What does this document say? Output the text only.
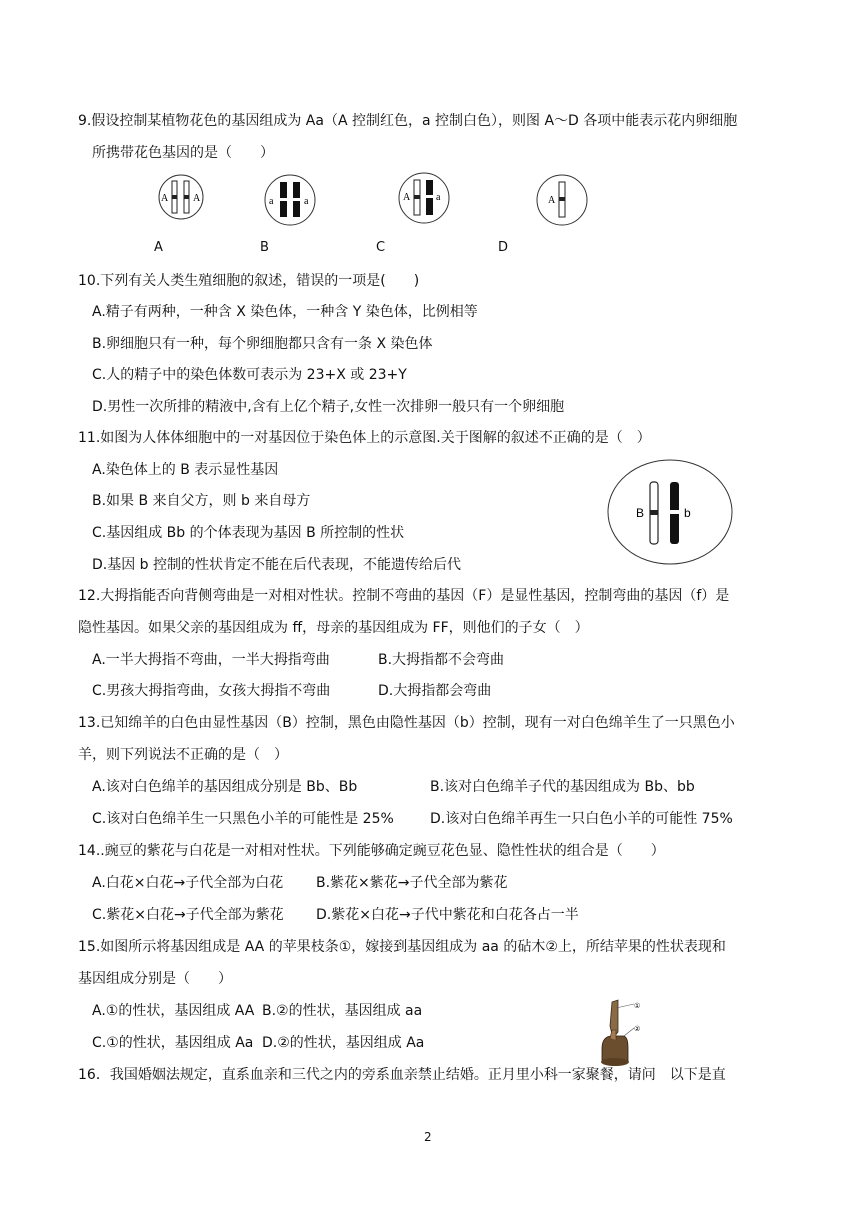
9.假设控制某植物花色的基因组成为 Aa（A 控制红色，a 控制白色），则图 A～D 各项中能表示花内卵细胞
所携带花色基因的是（　　）
A A	a	a	A	a	A
A	B	C	D
10.下列有关人类生殖细胞的叙述，错误的一项是(　　)
A.精子有两种，一种含 X 染色体，一种含 Y 染色体，比例相等
B.卵细胞只有一种，每个卵细胞都只含有一条 X 染色体
C.人的精子中的染色体数可表示为 23+X 或 23+Y
D.男性一次所排的精液中,含有上亿个精子,女性一次排卵一般只有一个卵细胞
11.如图为人体体细胞中的一对基因位于染色体上的示意图.关于图解的叙述不正确的是（　）
A.染色体上的 B 表示显性基因
B.如果 B 来自父方，则 b 来自母方
C.基因组成 Bb 的个体表现为基因 B 所控制的性状
D.基因 b 控制的性状肯定不能在后代表现，不能遗传给后代
B	b
12.大拇指能否向背侧弯曲是一对相对性状。控制不弯曲的基因（F）是显性基因，控制弯曲的基因（f）是
隐性基因。如果父亲的基因组成为 ff，母亲的基因组成为 FF，则他们的子女（　）
A.一半大拇指不弯曲，一半大拇指弯曲	B.大拇指都不会弯曲
C.男孩大拇指弯曲，女孩大拇指不弯曲	D.大拇指都会弯曲
13.已知绵羊的白色由显性基因（B）控制，黑色由隐性基因（b）控制，现有一对白色绵羊生了一只黑色小
羊，则下列说法不正确的是（　）
A.该对白色绵羊的基因组成分别是 Bb、Bb	B.该对白色绵羊子代的基因组成为 Bb、bb
C.该对白色绵羊生一只黑色小羊的可能性是 25%	D.该对白色绵羊再生一只白色小羊的可能性 75%
14..豌豆的紫花与白花是一对相对性状。下列能够确定豌豆花色显、隐性性状的组合是（　　）
A.白花×白花→子代全部为白花 B.紫花×紫花→子代全部为紫花
C.紫花×白花→子代全部为紫花 D.紫花×白花→子代中紫花和白花各占一半
15.如图所示将基因组成是 AA 的苹果枝条①，嫁接到基因组成为 aa 的砧木②上，所结苹果的性状表现和
基因组成分别是（　　）
A.①的性状，基因组成 AA B.②的性状，基因组成 aa
C.①的性状，基因组成 Aa D.②的性状，基因组成 Aa
①
②
16．我国婚姻法规定，直系血亲和三代之内的旁系血亲禁止结婚。正月里小科一家聚餐，请问　以下是直
2
